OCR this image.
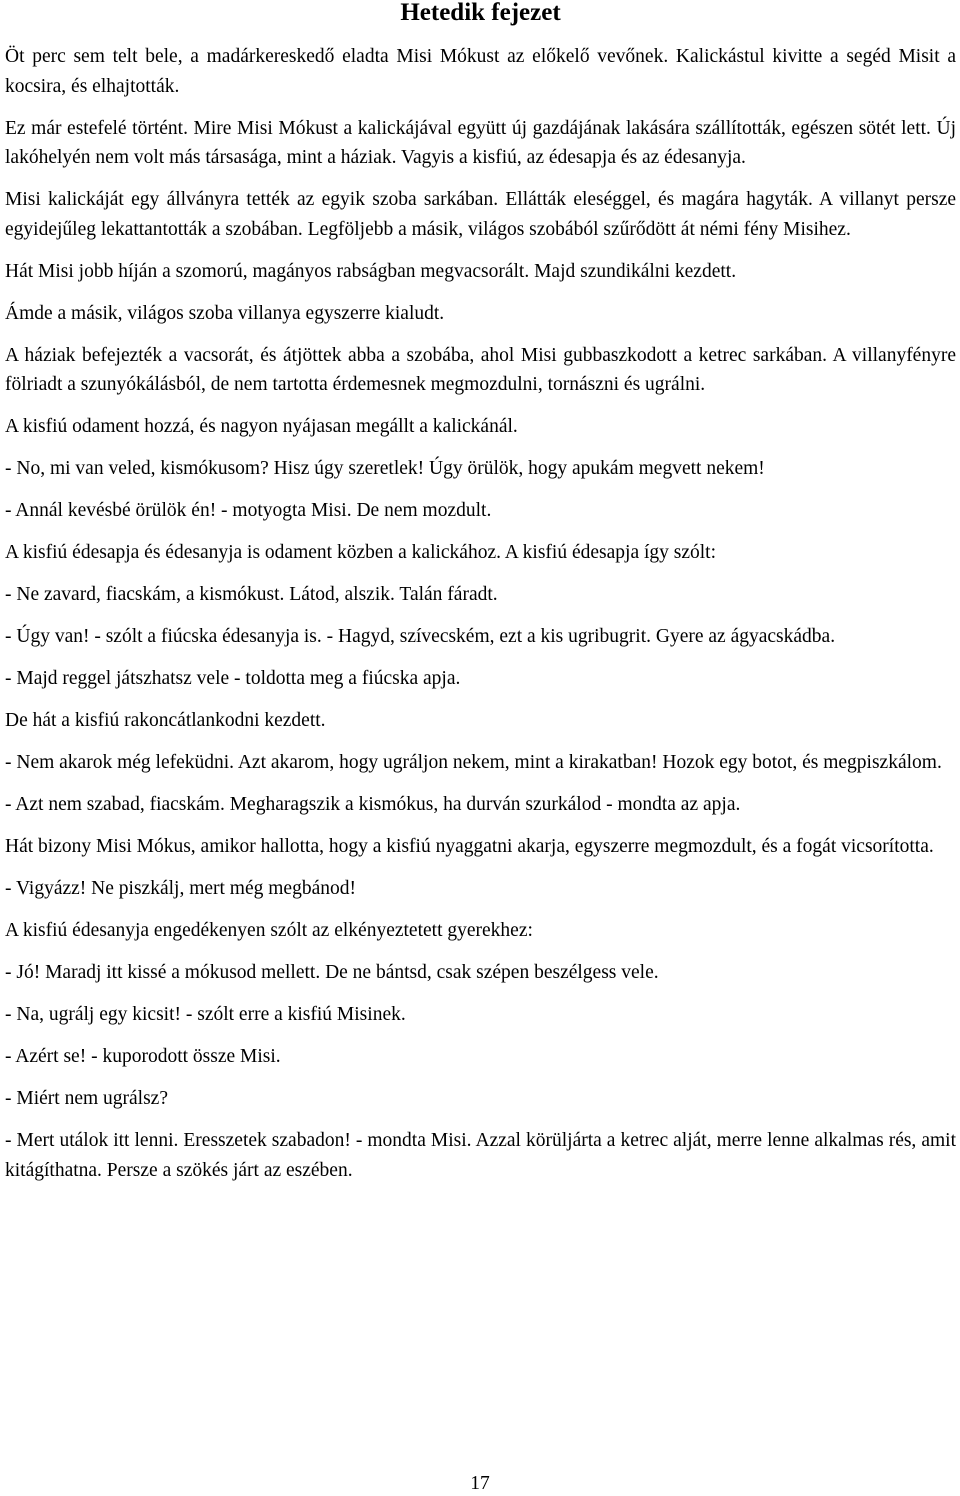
Hetedik fejezet

Öt perc sem telt bele, a madárkereskedő eladta Misi Mókust az előkelő vevőnek. Kalickástul kivitte a segéd Misit a kocsira, és elhajtották.

Ez már estefelé történt. Mire Misi Mókust a kalickájával együtt új gazdájának lakására szállították, egészen sötét lett. Új lakóhelyén nem volt más társasága, mint a háziak. Vagyis a kisfiú, az édesapja és az édesanyja.

Misi kalickáját egy állványra tették az egyik szoba sarkában. Ellátták eleséggel, és magára hagyták. A villanyt persze egyidejűleg lekattantották a szobában. Legföljebb a másik, világos szobából szűrődött át némi fény Misihez.

Hát Misi jobb híján a szomorú, magányos rabságban megvacsorált. Majd szundikálni kezdett.

Ámde a másik, világos szoba villanya egyszerre kialudt.

A háziak befejezték a vacsorát, és átjöttek abba a szobába, ahol Misi gubbaszkodott a ketrec sarkában. A villanyfényre fölriadt a szunyókálásból, de nem tartotta érdemesnek megmozdulni, tornászni és ugrálni.

A kisfiú odament hozzá, és nagyon nyájasan megállt a kalickánál.

- No, mi van veled, kismókusom? Hisz úgy szeretlek! Úgy örülök, hogy apukám megvett nekem!

- Annál kevésbé örülök én! - motyogta Misi. De nem mozdult.

A kisfiú édesapja és édesanyja is odament közben a kalickához. A kisfiú édesapja így szólt:

- Ne zavard, fiacskám, a kismókust. Látod, alszik. Talán fáradt.

- Úgy van! - szólt a fiúcska édesanyja is. - Hagyd, szívecském, ezt a kis ugribugrit. Gyere az ágyacskádba.

- Majd reggel játszhatsz vele - toldotta meg a fiúcska apja.

De hát a kisfiú rakoncátlankodni kezdett.

- Nem akarok még lefeküdni. Azt akarom, hogy ugráljon nekem, mint a kirakatban! Hozok egy botot, és megpiszkálom.

- Azt nem szabad, fiacskám. Megharagszik a kismókus, ha durván szurkálod - mondta az apja.

Hát bizony Misi Mókus, amikor hallotta, hogy a kisfiú nyaggatni akarja, egyszerre megmozdult, és a fogát vicsorította.

- Vigyázz! Ne piszkálj, mert még megbánod!

A kisfiú édesanyja engedékenyen szólt az elkényeztetett gyerekhez:

- Jó! Maradj itt kissé a mókusod mellett. De ne bántsd, csak szépen beszélgess vele.

- Na, ugrálj egy kicsit! - szólt erre a kisfiú Misinek.

- Azért se! - kuporodott össze Misi.

- Miért nem ugrálsz?

- Mert utálok itt lenni. Eresszetek szabadon! - mondta Misi. Azzal körüljárta a ketrec alját, merre lenne alkalmas rés, amit kitágíthatna. Persze a szökés járt az eszében.

17
